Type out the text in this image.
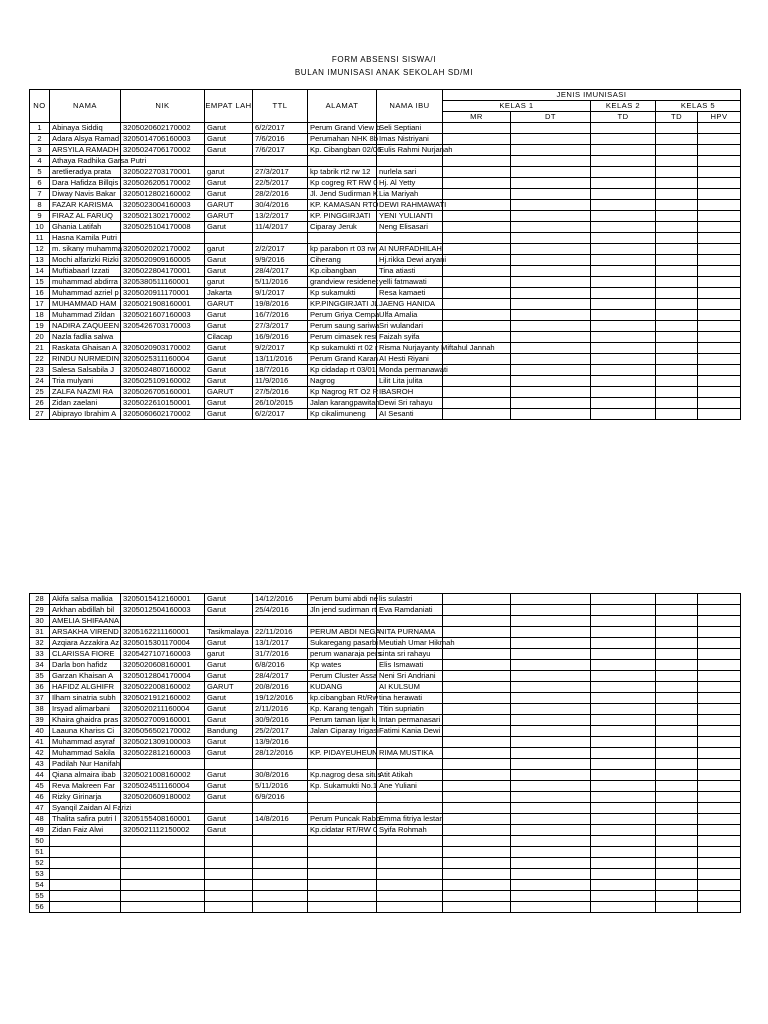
FORM ABSENSI SISWA/I
BULAN IMUNISASI ANAK SEKOLAH SD/MI
NO	NAMA	NIK	EMPAT LAH	TTL	ALAMAT	NAMA IBU	JENIS IMUNISASI				
							KELAS 1		KELAS 2	KELAS 5	
							MR	DT	TD	TD	HPV
1	Abinaya Siddiq	3205020602170002	Garut	6/2/2017	Perum Grand View b	Seli Septiani					
2	Adara Alsya Ramad	3205014706160003	Garut	7/6/2016	Perumahan NHK 8b	Imas Nistriyani					
3	ARSYILA RAMADH	3205024706170002	Garut	7/6/2017	Kp. Cibangban 02/06	Eulis Rahmi Nurjanah					
4	Athaya Radhika Garsa Putri										
5	aretlieradya prata	3205022703170001	garut	27/3/2017	kp tabrik rt2 rw 12	nurlela sari					
6	Dara Hafidza Billqis	3205026205170002	Garut	22/5/2017	Kp cogreg RT RW 0	Hj. Al Yetty					
7	Diway Navis Bakar	3205012802160002	Garut	28/2/2016	Jl. Jend Sudirman K	Lia Mariyah					
8	FAZAR KARISMA	3205023004160003	GARUT	30/4/2016	KP. KAMASAN RTO	DEWI RAHMAWATI					
9	FIRAZ AL FARUQ	3205021302170002	GARUT	13/2/2017	KP. PINGGIRJATI	YENI YULIANTI					
10	Ghania Latifah	3205025104170008	Garut	11/4/2017	Ciparay Jeruk	Neng Elisasari					
11	Hasna Kamila Putri										
12	m. sikany muhamma	3205020202170002	garut	2/2/2017	kp parabon rt 03 rw	AI NURFADHILAH					
13	Mochi alfarizki Rizki	3205020909160005	Garut	9/9/2016	Ciherang	Hj.rikka Dewi aryani					
14	Muftiabaarl Izzati	3205022804170001	Garut	28/4/2017	Kp.cibangban	Tina atiasti					
15	muhammad abdirra	3205380511160001	garut	5/11/2016	grandview residenet	yelli fatmawati					
16	Muhammad azriel p	3205020911170001	Jakarta	9/1/2017	Kp sukamukti	Resa kamaeti					
17	MUHAMMAD HAM	3205021908160001	GARUT	19/8/2016	KP.PINGGIRJATI JL	JAENG HANIDA					
18	Muhammad Zildan	3205021607160003	Garut	16/7/2016	Perum Griya Cempa	Ulfa Amalia					
19	NADIRA ZAQUEEN	3205426703170003	Garut	27/3/2017	Perum saung sariwa	Sri wulandari					
20	Nazla fadlia salwa		Cilacap	16/9/2016	Perum cimasek resi	Faizah syifa					
21	Raskata Ghaisan A	3205020903170002	Garut	9/2/2017	Kp sukamukti rt 02 r	Risma Nurjayanty Miftahul Jannah					
22	RINDU NURMEDIN	3205025311160004	Garut	13/11/2016	Perum Grand Karan	AI Hesti Riyani					
23	Salesa Salsabila J	3205024807160002	Garut	18/7/2016	Kp cidadap rt 03/01	Monda permanawati					
24	Tria mulyani	3205025109160002	Garut	11/9/2016	Nagrog	Lilit Lita julita					
25	ZALFA NAZMI RA	3205026705160001	GARUT	27/5/2016	Kp Nagrog RT O2 R	IBASROH					
26	Zidan zaelani	3205022610150001	Garut	26/10/2015	Jalan karangpawitan	Dewi Sri rahayu					
27	Abiprayo Ibrahim A	3205060602170002	Garut	6/2/2017	Kp cikalimuneng	AI Sesanti					
28	Akifa salsa malkia	3205015412160001	Garut	14/12/2016	Perum bumi abdi ne	lis sulastri					
29	Arkhan abdillah bil	3205012504160003	Garut	25/4/2016	Jln jend sudirman rt	Eva Ramdaniati					
30	AMELIA SHIFAANA										
31	ARSAKHA VIREND	3205162211160001	Tasikmalaya	22/11/2016	PERUM ABDI NEGA	NITA PURNAMA					
32	Azqiara Azzakira Az	3205015301170004	Garut	13/1/2017	Sukaregang pasarbi	Meutiah Umar Hikmah					
33	CLARISSA FIORE	3205427107160003	garut	31/7/2016	perum wanaraja pers	sinta sri rahayu					
34	Darla bon hafidz	3205020608160001	Garut	6/8/2016	Kp wates	Elis Ismawati					
35	Garzan Khaisan A	3205012804170004	Garut	28/4/2017	Perum Cluster Assa	Neni Sri Andriani					
36	HAFIDZ ALGHIFR	3205022008160002	GARUT	20/8/2016	KUDANG	AI KULSUM					
37	Ilham sinatria subh	3205021912160002	Garut	19/12/2016	kp.cibangban Rt/Rw	tina herawati					
38	Irsyad alimarbani	3205020211160004	Garut	2/11/2016	Kp. Karang tengah	Titin supriatin					
39	Khaira ghaidra pras	3205027009160001	Garut	30/9/2016	Perum taman lijar lu	Intan permanasari					
40	Laauna Khariss Ci	3205056502170002	Bandung	25/2/2017	Jalan Ciparay Irigasi	Fatimi Kania Dewi					
41	Muhammad asyraf	3205021309100003	Garut	13/9/2016							
42	Muhammad Sakila	3205022812160003	Garut	28/12/2016	KP. PIDAYEUHEUN	RIMA MUSTIKA					
43	Padilah Nur Hanifah										
44	Qiana almaira ibab	3205021008160002	Garut	30/8/2016	Kp.nagrog desa situs	Atit Atikah					
45	Reva Makreen Far	3205024511160004	Garut	5/11/2016	Kp. Sukamukti No.1	Ane Yuliani					
46	Rizky Girinarja	3205020609180002	Garut	6/9/2016							
47	Syanqil Zaidan Al Farizi										
48	Thalita safira putri l	3205155408160001	Garut	14/8/2016	Perum Puncak Rabb	Emma fitriya lestari					
49	Zidan Faiz Alwi	3205021112150002	Garut		Kp.cidatar RT/RW 0	Syifa Rohmah					
50											
51											
52											
53											
54											
55											
56											
